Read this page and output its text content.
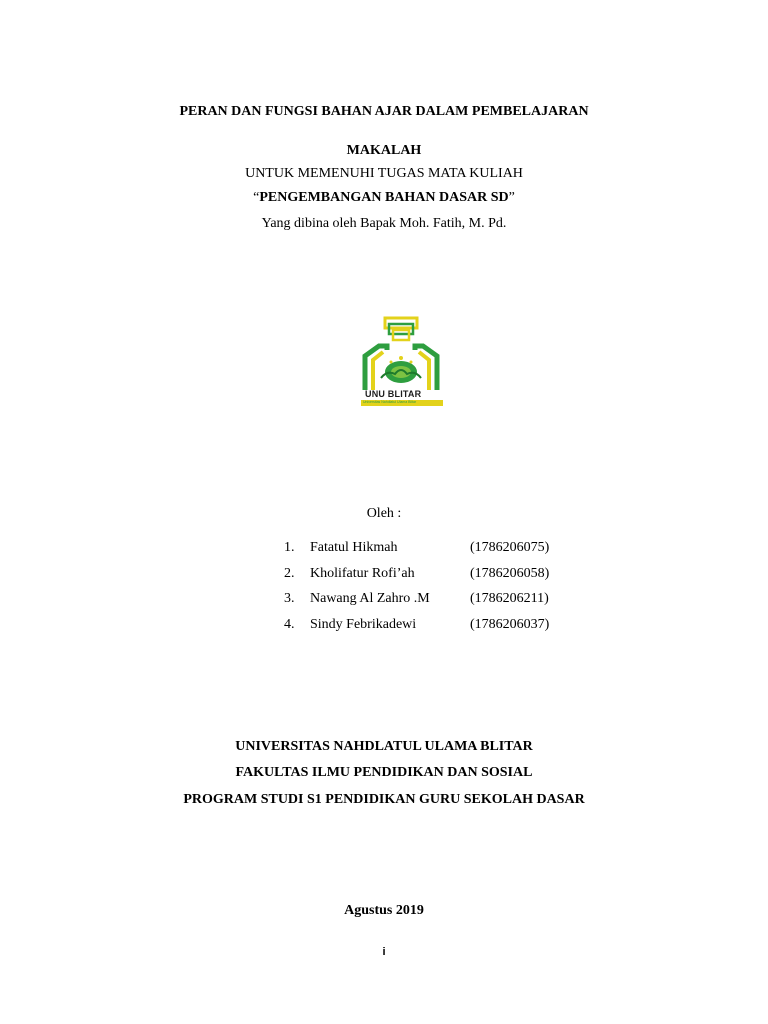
PERAN DAN FUNGSI BAHAN AJAR DALAM PEMBELAJARAN
MAKALAH
UNTUK MEMENUHI TUGAS MATA KULIAH
“PENGEMBANGAN BAHAN DASAR SD”
Yang dibina oleh Bapak Moh. Fatih, M. Pd.
UNU BLITAR
Universitas Nahdlatul Ulama Blitar
Oleh :
1.	Fatatul Hikmah	(1786206075)
2.	Kholifatur Rofi’ah	(1786206058)
3.	Nawang Al Zahro .M	(1786206211)
4.	Sindy Febrikadewi	(1786206037)
UNIVERSITAS NAHDLATUL ULAMA BLITAR
FAKULTAS ILMU PENDIDIKAN DAN SOSIAL
PROGRAM STUDI S1 PENDIDIKAN GURU SEKOLAH DASAR
Agustus 2019
i
